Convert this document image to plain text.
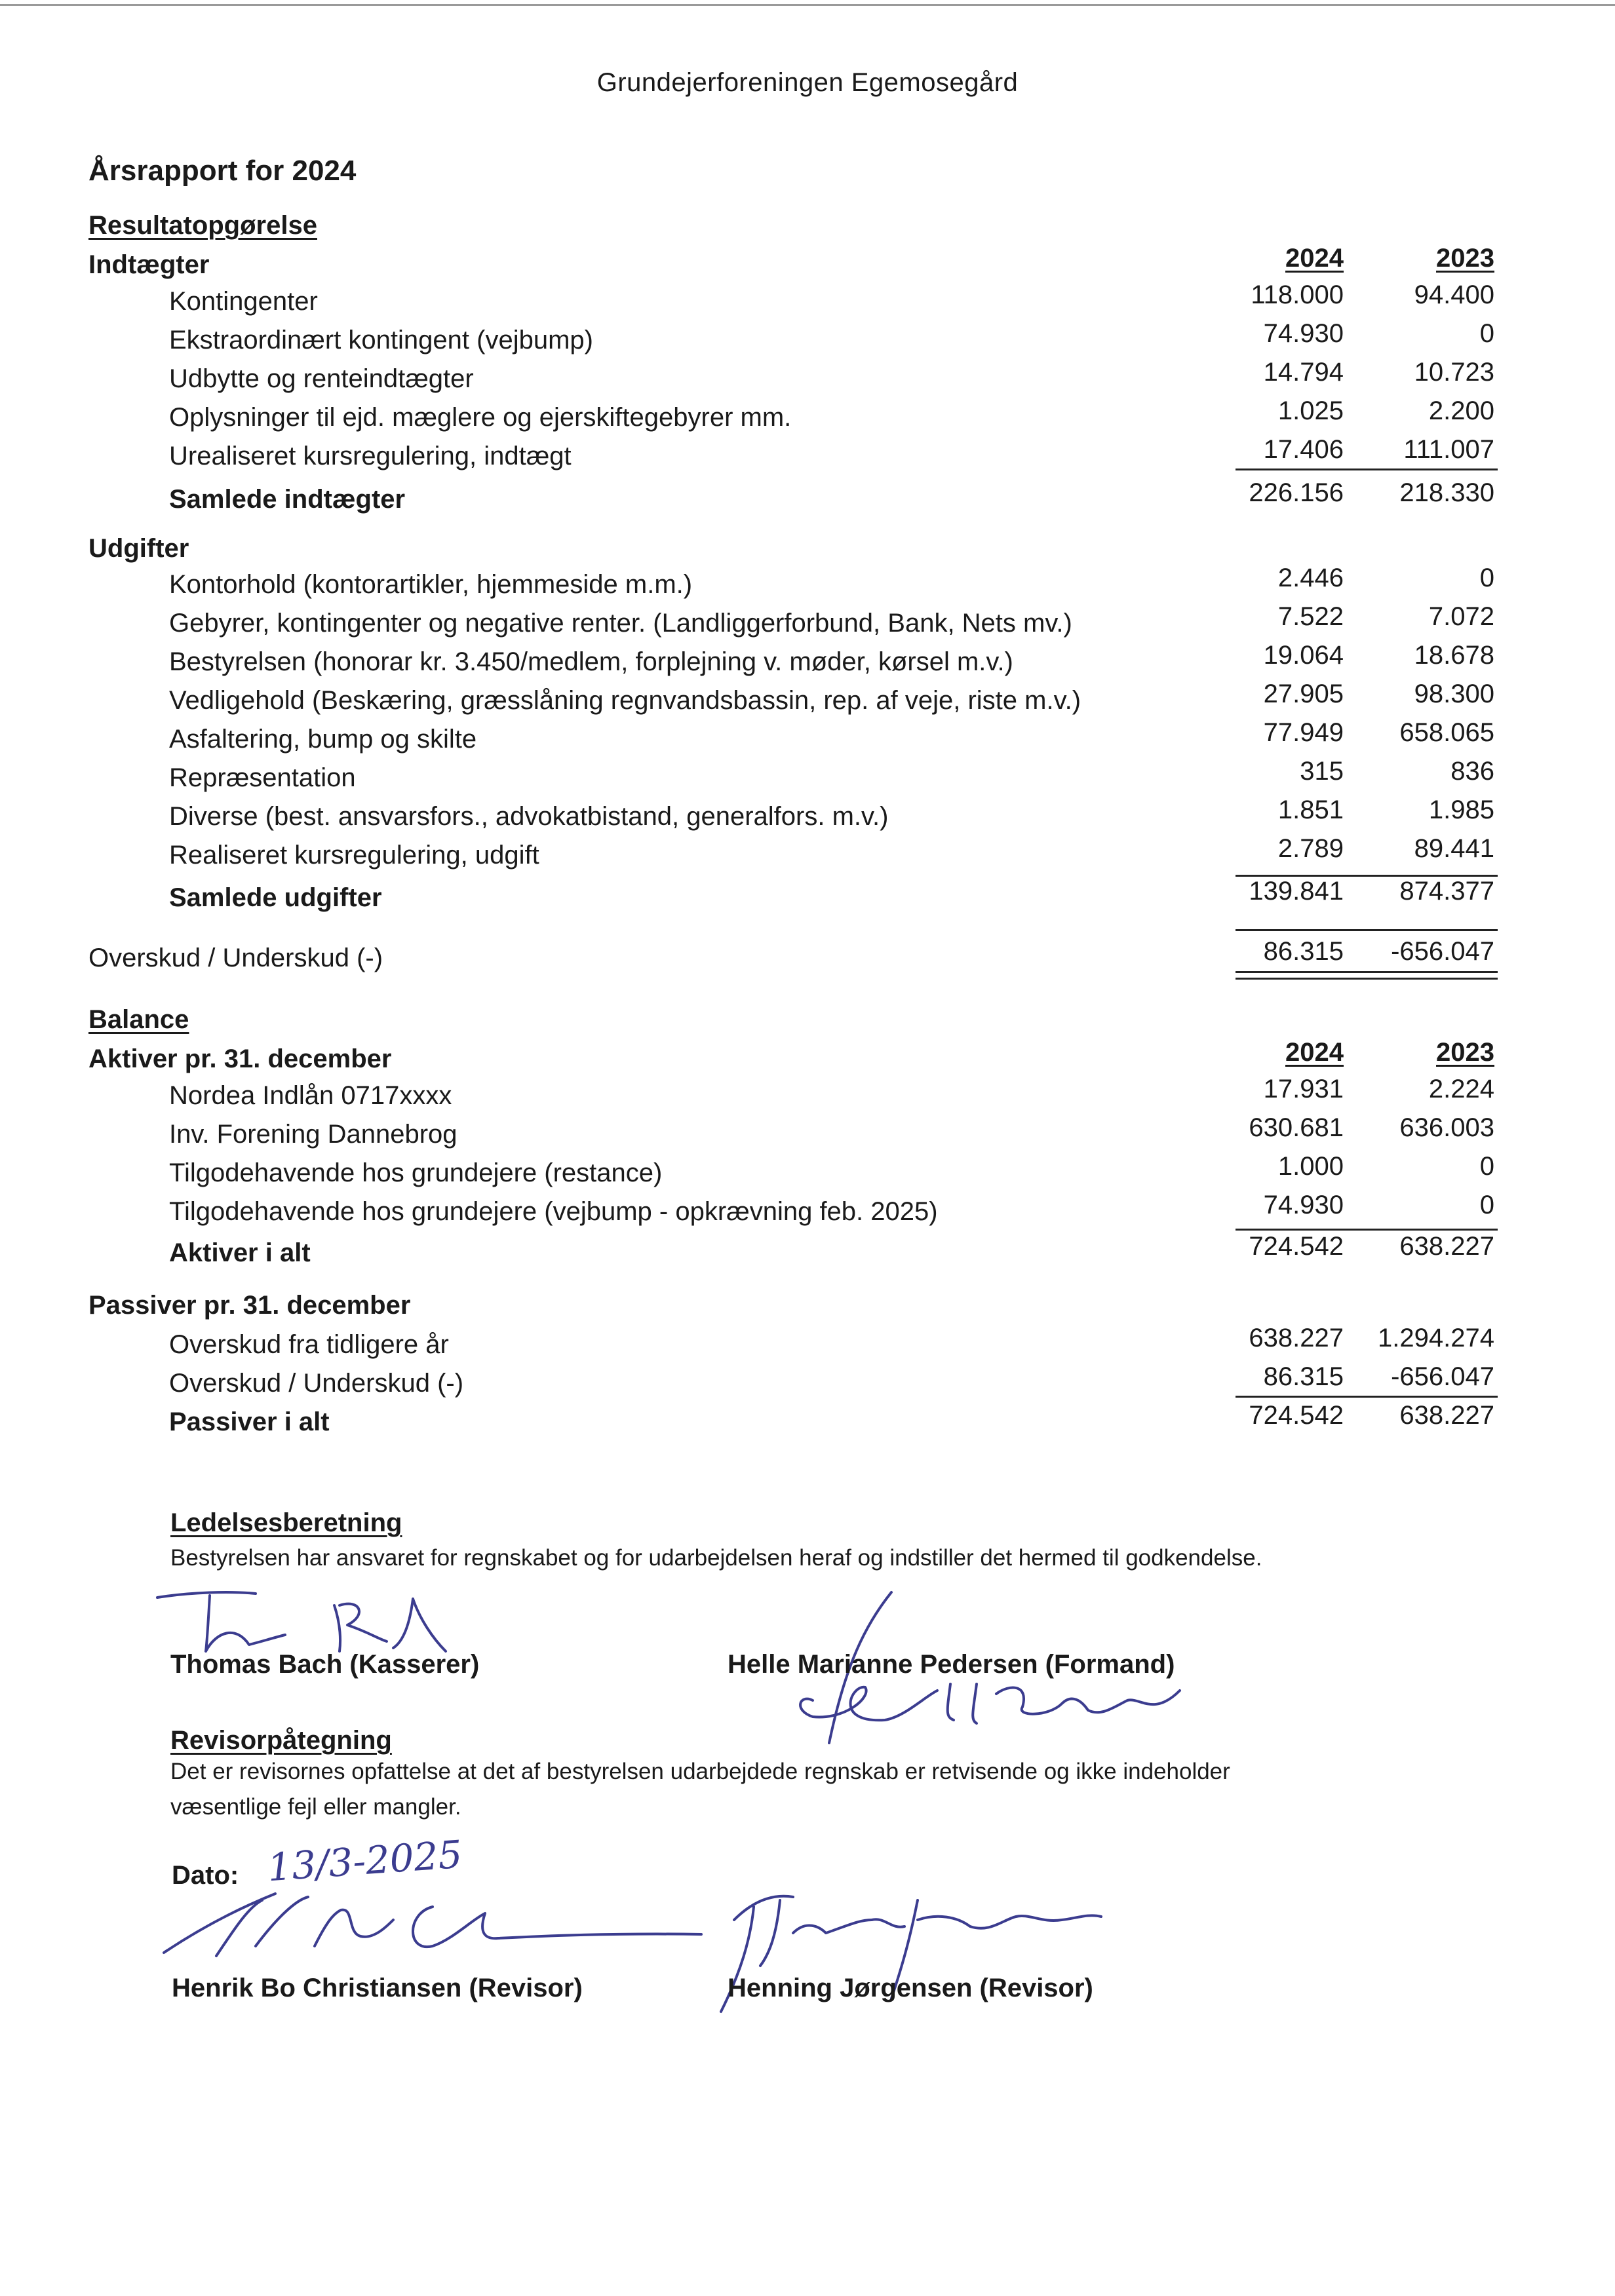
Grundejerforeningen Egemosegård
Årsrapport for 2024
Resultatopgørelse
Indtægter	2024	2023
Kontingenter	118.000	94.400
Ekstraordinært kontingent (vejbump)	74.930	0
Udbytte og renteindtægter	14.794	10.723
Oplysninger til ejd. mæglere og ejerskiftegebyrer mm.	1.025	2.200
Urealiseret kursregulering, indtægt	17.406	111.007
Samlede indtægter	226.156	218.330
Udgifter
Kontorhold (kontorartikler, hjemmeside m.m.)	2.446	0
Gebyrer, kontingenter og negative renter. (Landliggerforbund, Bank, Nets mv.)	7.522	7.072
Bestyrelsen (honorar kr. 3.450/medlem, forplejning v. møder, kørsel m.v.)	19.064	18.678
Vedligehold (Beskæring, græsslåning regnvandsbassin, rep. af veje, riste m.v.)	27.905	98.300
Asfaltering, bump og skilte	77.949	658.065
Repræsentation	315	836
Diverse (best. ansvarsfors., advokatbistand, generalfors. m.v.)	1.851	1.985
Realiseret kursregulering, udgift	2.789	89.441
Samlede udgifter	139.841	874.377
Overskud / Underskud (-)	86.315	-656.047
Balance
Aktiver pr. 31. december	2024	2023
Nordea Indlån 0717xxxx	17.931	2.224
Inv. Forening Dannebrog	630.681	636.003
Tilgodehavende hos grundejere (restance)	1.000	0
Tilgodehavende hos grundejere (vejbump - opkrævning feb. 2025)	74.930	0
Aktiver i alt	724.542	638.227
Passiver pr. 31. december
Overskud fra tidligere år	638.227	1.294.274
Overskud / Underskud (-)	86.315	-656.047
Passiver i alt	724.542	638.227
Ledelsesberetning
Bestyrelsen har ansvaret for regnskabet og for udarbejdelsen heraf og indstiller det hermed til godkendelse.
Thomas Bach (Kasserer)	Helle Marianne Pedersen (Formand)
Revisorpåtegning
Det er revisornes opfattelse at det af bestyrelsen udarbejdede regnskab er retvisende og ikke indeholder
væsentlige fejl eller mangler.
Dato: 13/3-2025
Henrik Bo Christiansen (Revisor)	Henning Jørgensen (Revisor)
